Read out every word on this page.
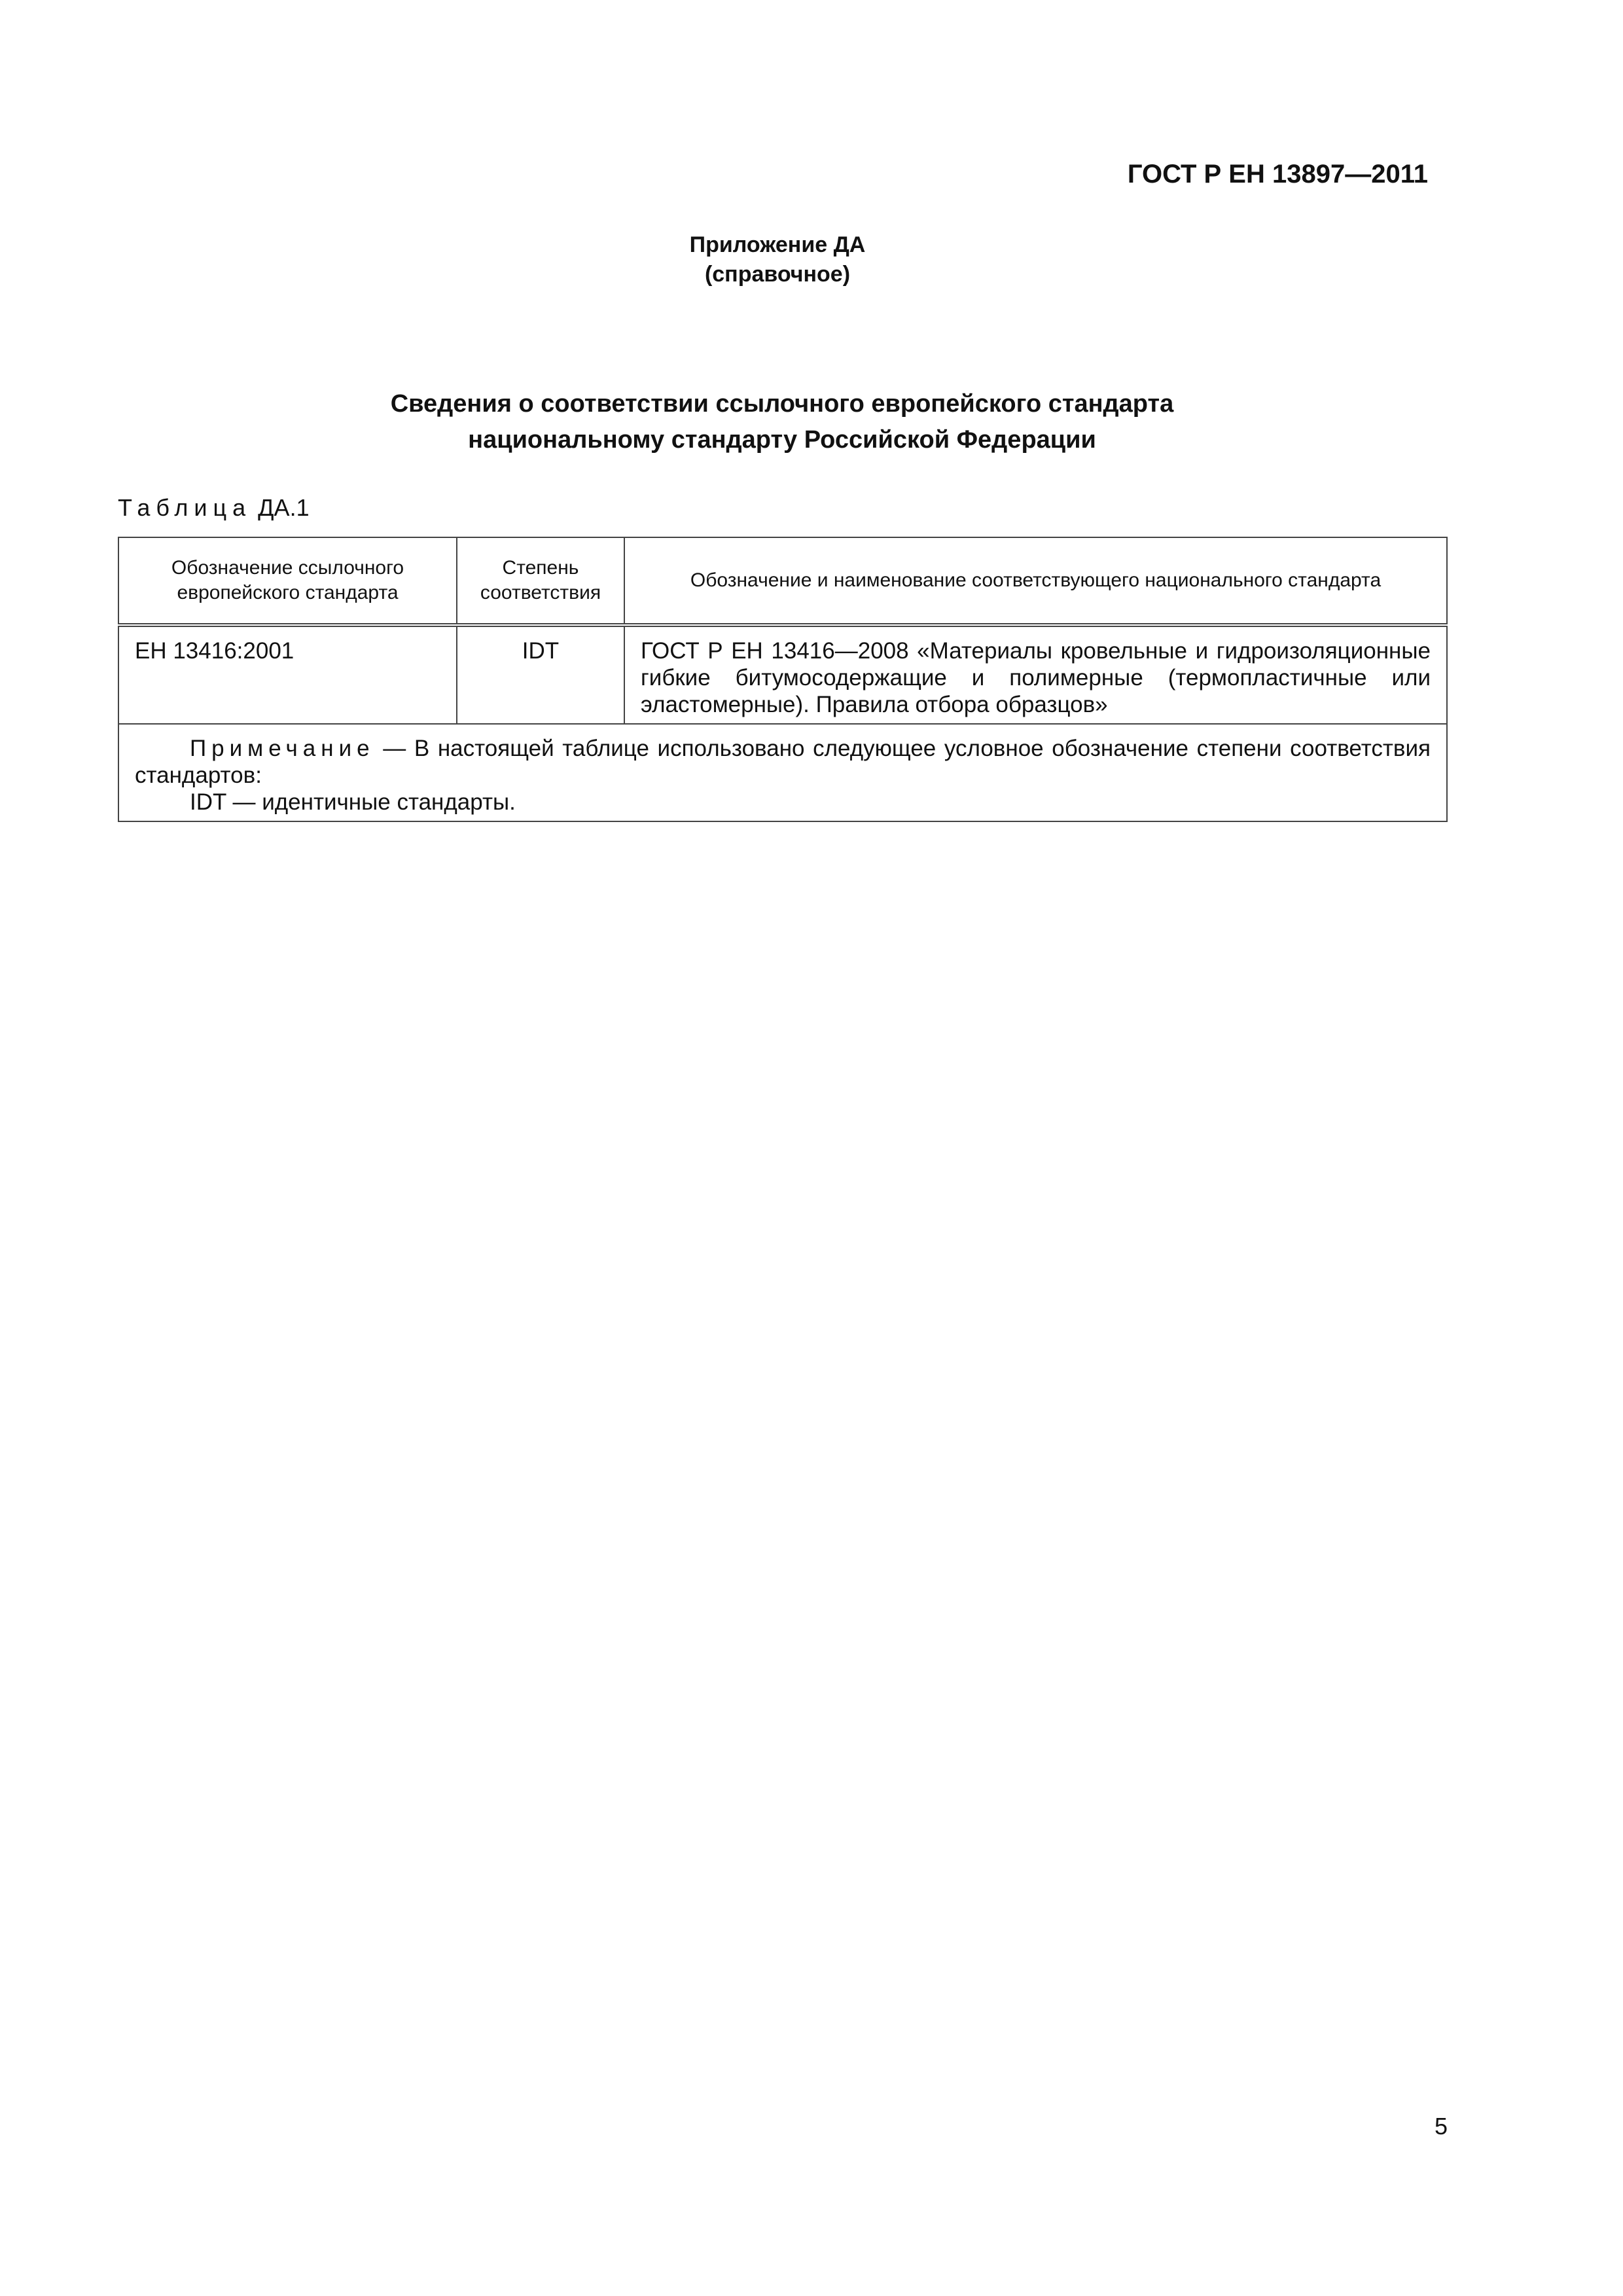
ГОСТ Р ЕН 13897—2011
Приложение ДА
(справочное)
Сведения о соответствии ссылочного европейского стандарта
национальному стандарту Российской Федерации
Таблица ДА.1
Обозначение ссылочного европейского стандарта	Степень соответствия	Обозначение и наименование соответствующего национального стандарта
ЕН 13416:2001	IDT	ГОСТ Р ЕН 13416—2008 «Материалы кровельные и гидроизоляционные гибкие битумосодержащие и полимерные (термопластичные или эластомерные). Правила отбора образцов»

Примечание — В настоящей таблице использовано следующее условное обозначение степени соответствия стандартов:
IDT — идентичные стандарты.		
5
